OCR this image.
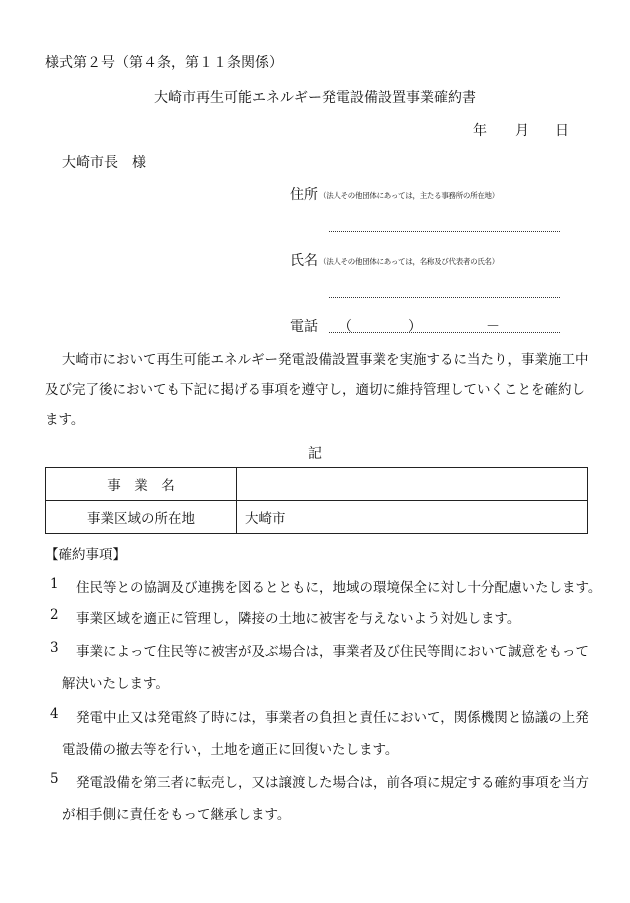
様式第２号（第４条，第１１条関係）
大崎市再生可能エネルギー発電設備設置事業確約書
年 月 日
大崎市長　様
住所 （法人その他団体にあっては，主たる事務所の所在地）
氏名 （法人その他団体にあっては，名称及び代表者の氏名）
電話 （	）	－
大崎市において再生可能エネルギー発電設備設置事業を実施するに当たり，事業施工中
及び完了後においても下記に掲げる事項を遵守し，適切に維持管理していくことを確約し
ます。
記
事　業　名	
事業区域の所在地	大崎市
【確約事項】
1 住民等との協調及び連携を図るとともに，地域の環境保全に対し十分配慮いたします。
2 事業区域を適正に管理し，隣接の土地に被害を与えないよう対処します。
3 事業によって住民等に被害が及ぶ場合は，事業者及び住民等間において誠意をもって
解決いたします。
4 発電中止又は発電終了時には，事業者の負担と責任において，関係機関と協議の上発
電設備の撤去等を行い，土地を適正に回復いたします。
5 発電設備を第三者に転売し，又は譲渡した場合は，前各項に規定する確約事項を当方
が相手側に責任をもって継承します。
